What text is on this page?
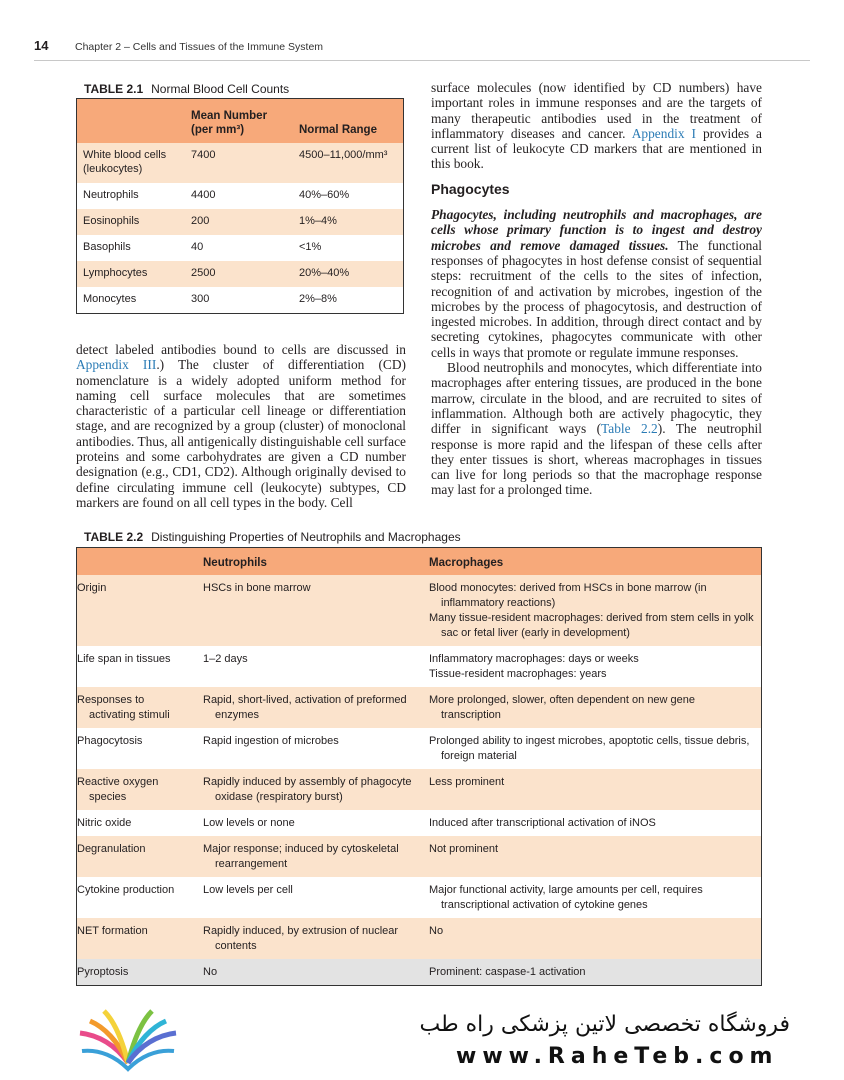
14	Chapter 2 – Cells and Tissues of the Immune System
TABLE 2.1 Normal Blood Cell Counts
	Mean Number (per mm³)	Normal Range
White blood cells (leukocytes)	7400	4500–11,000/mm³
Neutrophils	4400	40%–60%
Eosinophils	200	1%–4%
Basophils	40	<1%
Lymphocytes	2500	20%–40%
Monocytes	300	2%–8%

detect labeled antibodies bound to cells are discussed in Appendix III.) The cluster of differentiation (CD) nomenclature is a widely adopted uniform method for naming cell surface molecules that are sometimes characteristic of a particular cell lineage or differentiation stage, and are recognized by a group (cluster) of monoclonal antibodies. Thus, all antigenically distinguishable cell surface proteins and some carbohydrates are given a CD number designation (e.g., CD1, CD2). Although originally devised to define circulating immune cell (leukocyte) subtypes, CD markers are found on all cell types in the body. Cell

surface molecules (now identified by CD numbers) have important roles in immune responses and are the targets of many therapeutic antibodies used in the treatment of inflammatory diseases and cancer. Appendix I provides a current list of leukocyte CD markers that are mentioned in this book.

Phagocytes

Phagocytes, including neutrophils and macrophages, are cells whose primary function is to ingest and destroy microbes and remove damaged tissues. The functional responses of phagocytes in host defense consist of sequential steps: recruitment of the cells to the sites of infection, recognition of and activation by microbes, ingestion of the microbes by the process of phagocytosis, and destruction of ingested microbes. In addition, through direct contact and by secreting cytokines, phagocytes communicate with other cells in ways that promote or regulate immune responses.

Blood neutrophils and monocytes, which differentiate into macrophages after entering tissues, are produced in the bone marrow, circulate in the blood, and are recruited to sites of inflammation. Although both are actively phagocytic, they differ in significant ways (Table 2.2). The neutrophil response is more rapid and the lifespan of these cells after they enter tissues is short, whereas macrophages in tissues can live for long periods so that the macrophage response may last for a prolonged time.

TABLE 2.2 Distinguishing Properties of Neutrophils and Macrophages
	Neutrophils	Macrophages
Origin	HSCs in bone marrow	Blood monocytes: derived from HSCs in bone marrow (in inflammatory reactions)
Many tissue-resident macrophages: derived from stem cells in yolk sac or fetal liver (early in development)

Life span in tissues	1–2 days	Inflammatory macrophages: days or weeks
Tissue-resident macrophages: years

Responses to activating stimuli	Rapid, short-lived, activation of preformed enzymes	More prolonged, slower, often dependent on new gene transcription

Phagocytosis	Rapid ingestion of microbes	Prolonged ability to ingest microbes, apoptotic cells, tissue debris, foreign material

Reactive oxygen species	Rapidly induced by assembly of phagocyte oxidase (respiratory burst)	Less prominent

Nitric oxide	Low levels or none	Induced after transcriptional activation of iNOS

Degranulation	Major response; induced by cytoskeletal rearrangement	Not prominent

Cytokine production	Low levels per cell	Major functional activity, large amounts per cell, requires transcriptional activation of cytokine genes

NET formation	Rapidly induced, by extrusion of nuclear contents	No

Pyroptosis	No	Prominent: caspase-1 activation
فروشگاه تخصصی لاتین پزشکی راه طب
www.RaheTeb.com
